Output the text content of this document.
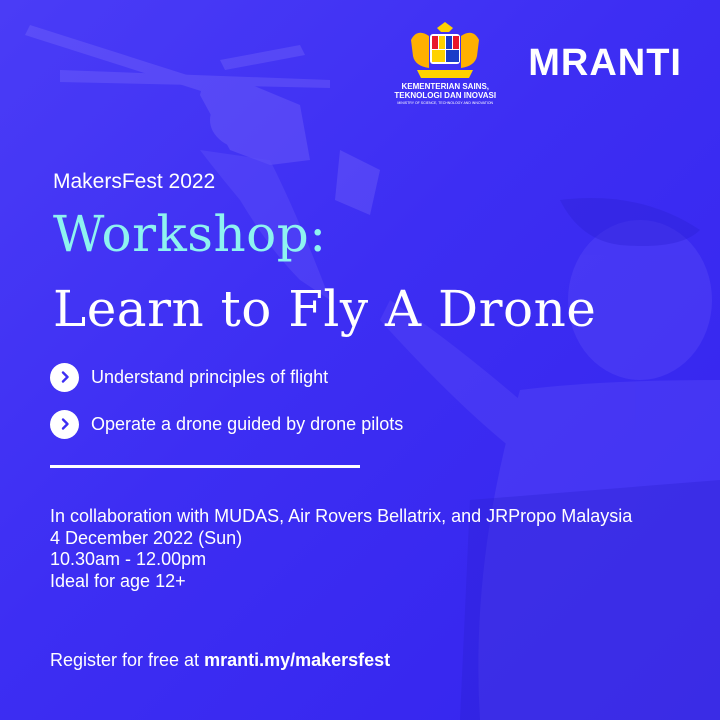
KEMENTERIAN SAINS,
TEKNOLOGI DAN INOVASI
MINISTRY OF SCIENCE, TECHNOLOGY AND INNOVATION
MRANTI
MakersFest 2022
Workshop:
Learn to Fly A Drone
Understand principles of flight
Operate a drone guided by drone pilots
In collaboration with MUDAS, Air Rovers Bellatrix, and JRPropo Malaysia
4 December 2022 (Sun)
10.30am - 12.00pm
Ideal for age 12+
Register for free at mranti.my/makersfest
